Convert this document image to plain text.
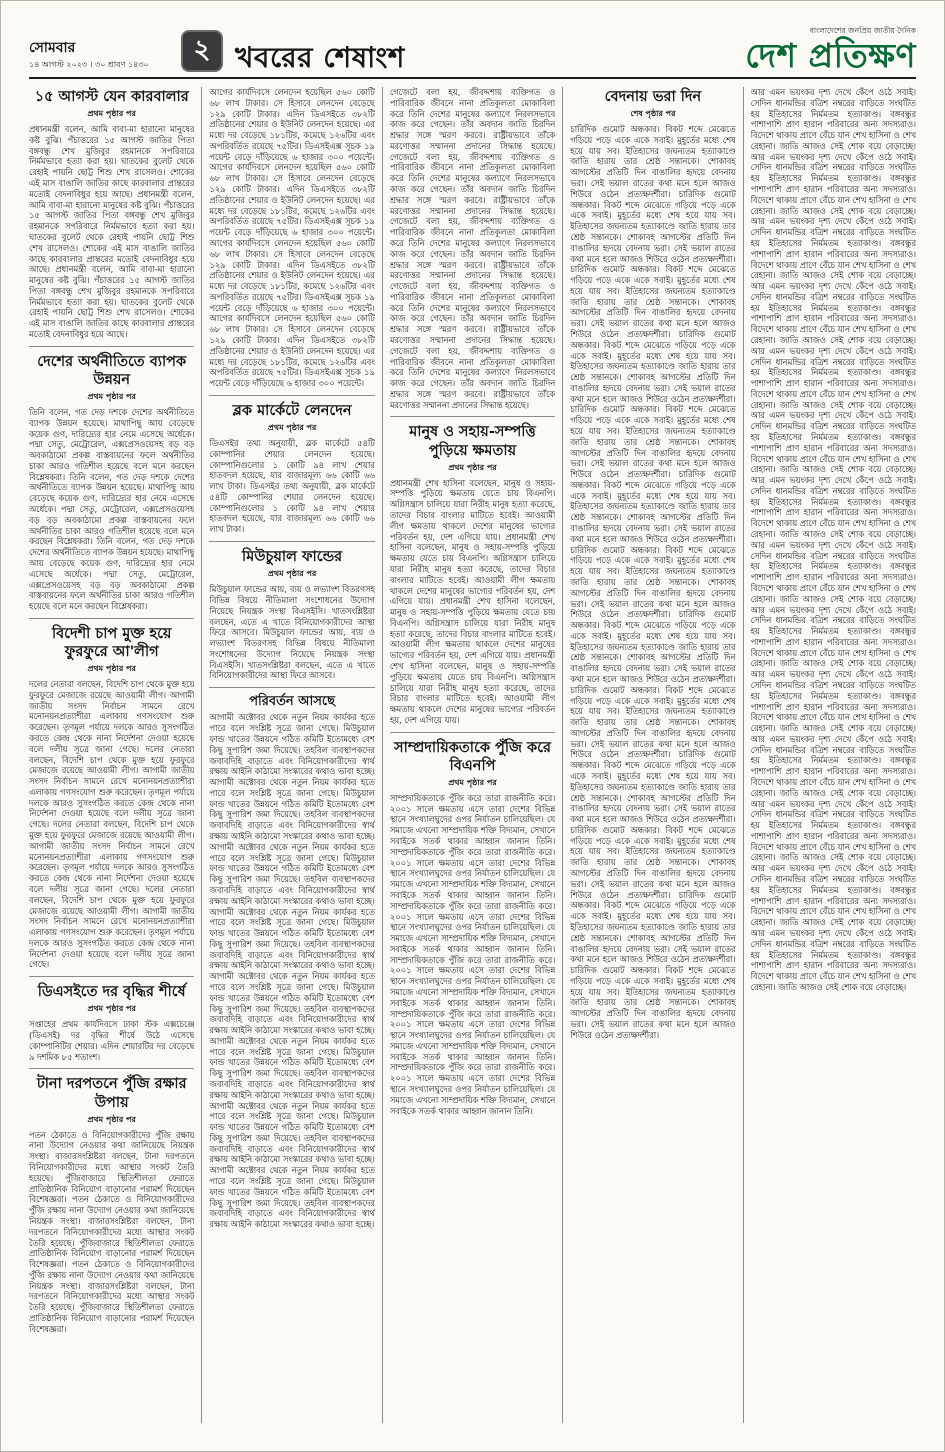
সোমবার
১৪ আগস্ট ২০২৩ । ৩০ শ্রাবণ ১৪৩০	২ খবরের শেষাংশ
বাংলাদেশের জনপ্রিয় জাতীয় দৈনিক
দেশ প্রতিক্ষণ
১৫ আগস্ট যেন কারবালার
প্রথম পৃষ্ঠার পর

প্রধানমন্ত্রী বলেন, আমি বাবা-মা হারানো মানুষের কষ্ট বুঝি। পঁচাত্তরের ১৫ আগস্ট জাতির পিতা বঙ্গবন্ধু শেখ মুজিবুর রহমানকে সপরিবারে নির্মমভাবে হত্যা করা হয়। ঘাতকের বুলেট থেকে রেহাই পায়নি ছোট্ট শিশু শেখ রাসেলও। শোকের এই মাস বাঙালি জাতির কাছে কারবালার প্রান্তরের মতোই বেদনাবিধুর হয়ে আছে। প্রধানমন্ত্রী বলেন, আমি বাবা-মা হারানো মানুষের কষ্ট বুঝি। পঁচাত্তরের ১৫ আগস্ট জাতির পিতা বঙ্গবন্ধু শেখ মুজিবুর রহমানকে সপরিবারে নির্মমভাবে হত্যা করা হয়। ঘাতকের বুলেট থেকে রেহাই পায়নি ছোট্ট শিশু শেখ রাসেলও। শোকের এই মাস বাঙালি জাতির কাছে কারবালার প্রান্তরের মতোই বেদনাবিধুর হয়ে আছে। প্রধানমন্ত্রী বলেন, আমি বাবা-মা হারানো মানুষের কষ্ট বুঝি। পঁচাত্তরের ১৫ আগস্ট জাতির পিতা বঙ্গবন্ধু শেখ মুজিবুর রহমানকে সপরিবারে নির্মমভাবে হত্যা করা হয়। ঘাতকের বুলেট থেকে রেহাই পায়নি ছোট্ট শিশু শেখ রাসেলও। শোকের এই মাস বাঙালি জাতির কাছে কারবালার প্রান্তরের মতোই বেদনাবিধুর হয়ে আছে।

দেশের অর্থনীতিতে ব্যাপক উন্নয়ন
প্রথম পৃষ্ঠার পর

তিনি বলেন, গত দেড় দশকে দেশের অর্থনীতিতে ব্যাপক উন্নয়ন হয়েছে। মাথাপিছু আয় বেড়েছে কয়েক গুণ, দারিদ্র্যের হার নেমে এসেছে অর্ধেকে। পদ্মা সেতু, মেট্রোরেল, এক্সপ্রেসওয়েসহ বড় বড় অবকাঠামো প্রকল্প বাস্তবায়নের ফলে অর্থনীতির চাকা আরও গতিশীল হয়েছে বলে মনে করছেন বিশ্লেষকরা। তিনি বলেন, গত দেড় দশকে দেশের অর্থনীতিতে ব্যাপক উন্নয়ন হয়েছে। মাথাপিছু আয় বেড়েছে কয়েক গুণ, দারিদ্র্যের হার নেমে এসেছে অর্ধেকে। পদ্মা সেতু, মেট্রোরেল, এক্সপ্রেসওয়েসহ বড় বড় অবকাঠামো প্রকল্প বাস্তবায়নের ফলে অর্থনীতির চাকা আরও গতিশীল হয়েছে বলে মনে করছেন বিশ্লেষকরা। তিনি বলেন, গত দেড় দশকে দেশের অর্থনীতিতে ব্যাপক উন্নয়ন হয়েছে। মাথাপিছু আয় বেড়েছে কয়েক গুণ, দারিদ্র্যের হার নেমে এসেছে অর্ধেকে। পদ্মা সেতু, মেট্রোরেল, এক্সপ্রেসওয়েসহ বড় বড় অবকাঠামো প্রকল্প বাস্তবায়নের ফলে অর্থনীতির চাকা আরও গতিশীল হয়েছে বলে মনে করছেন বিশ্লেষকরা।

বিদেশী চাপ মুক্ত হয়ে ফুরফুরে আ'লীগ
প্রথম পৃষ্ঠার পর

দলের নেতারা বলছেন, বিদেশি চাপ থেকে মুক্ত হয়ে ফুরফুরে মেজাজে রয়েছে আওয়ামী লীগ। আগামী জাতীয় সংসদ নির্বাচন সামনে রেখে মনোনয়নপ্রত্যাশীরা এলাকায় গণসংযোগ শুরু করেছেন। তৃণমূল পর্যায়ে দলকে আরও সুসংগঠিত করতে কেন্দ্র থেকে নানা নির্দেশনা দেওয়া হয়েছে বলে দলীয় সূত্রে জানা গেছে। দলের নেতারা বলছেন, বিদেশি চাপ থেকে মুক্ত হয়ে ফুরফুরে মেজাজে রয়েছে আওয়ামী লীগ। আগামী জাতীয় সংসদ নির্বাচন সামনে রেখে মনোনয়নপ্রত্যাশীরা এলাকায় গণসংযোগ শুরু করেছেন। তৃণমূল পর্যায়ে দলকে আরও সুসংগঠিত করতে কেন্দ্র থেকে নানা নির্দেশনা দেওয়া হয়েছে বলে দলীয় সূত্রে জানা গেছে। দলের নেতারা বলছেন, বিদেশি চাপ থেকে মুক্ত হয়ে ফুরফুরে মেজাজে রয়েছে আওয়ামী লীগ। আগামী জাতীয় সংসদ নির্বাচন সামনে রেখে মনোনয়নপ্রত্যাশীরা এলাকায় গণসংযোগ শুরু করেছেন। তৃণমূল পর্যায়ে দলকে আরও সুসংগঠিত করতে কেন্দ্র থেকে নানা নির্দেশনা দেওয়া হয়েছে বলে দলীয় সূত্রে জানা গেছে। দলের নেতারা বলছেন, বিদেশি চাপ থেকে মুক্ত হয়ে ফুরফুরে মেজাজে রয়েছে আওয়ামী লীগ। আগামী জাতীয় সংসদ নির্বাচন সামনে রেখে মনোনয়নপ্রত্যাশীরা এলাকায় গণসংযোগ শুরু করেছেন। তৃণমূল পর্যায়ে দলকে আরও সুসংগঠিত করতে কেন্দ্র থেকে নানা নির্দেশনা দেওয়া হয়েছে বলে দলীয় সূত্রে জানা গেছে।

ডিএসইতে দর বৃদ্ধির শীর্ষে
প্রথম পৃষ্ঠার পর

সপ্তাহের প্রথম কার্যদিবসে ঢাকা স্টক এক্সচেঞ্জে (ডিএসই) দর বৃদ্ধির শীর্ষে উঠে এসেছে কোম্পানিটির শেয়ার। এদিন শেয়ারটির দর বেড়েছে ৯ দশমিক ৮৫ শতাংশ।

টানা দরপতনে পুঁজি রক্ষার উপায়
প্রথম পৃষ্ঠার পর

পতন ঠেকাতে ও বিনিয়োগকারীদের পুঁজি রক্ষায় নানা উদ্যোগ নেওয়ার কথা জানিয়েছে নিয়ন্ত্রক সংস্থা। বাজারসংশ্লিষ্টরা বলছেন, টানা দরপতনে বিনিয়োগকারীদের মধ্যে আস্থার সংকট তৈরি হয়েছে। পুঁজিবাজারে স্থিতিশীলতা ফেরাতে প্রাতিষ্ঠানিক বিনিয়োগ বাড়ানোর পরামর্শ দিয়েছেন বিশেষজ্ঞরা। পতন ঠেকাতে ও বিনিয়োগকারীদের পুঁজি রক্ষায় নানা উদ্যোগ নেওয়ার কথা জানিয়েছে নিয়ন্ত্রক সংস্থা। বাজারসংশ্লিষ্টরা বলছেন, টানা দরপতনে বিনিয়োগকারীদের মধ্যে আস্থার সংকট তৈরি হয়েছে। পুঁজিবাজারে স্থিতিশীলতা ফেরাতে প্রাতিষ্ঠানিক বিনিয়োগ বাড়ানোর পরামর্শ দিয়েছেন বিশেষজ্ঞরা। পতন ঠেকাতে ও বিনিয়োগকারীদের পুঁজি রক্ষায় নানা উদ্যোগ নেওয়ার কথা জানিয়েছে নিয়ন্ত্রক সংস্থা। বাজারসংশ্লিষ্টরা বলছেন, টানা দরপতনে বিনিয়োগকারীদের মধ্যে আস্থার সংকট তৈরি হয়েছে। পুঁজিবাজারে স্থিতিশীলতা ফেরাতে প্রাতিষ্ঠানিক বিনিয়োগ বাড়ানোর পরামর্শ দিয়েছেন বিশেষজ্ঞরা।

আগের কার্যদিবসে লেনদেন হয়েছিল ৫৬০ কোটি ৬৮ লাখ টাকার। সে হিসাবে লেনদেন বেড়েছে ১২৯ কোটি টাকার। এদিন ডিএসইতে ৩৮২টি প্রতিষ্ঠানের শেয়ার ও ইউনিট লেনদেন হয়েছে। এর মধ্যে দর বেড়েছে ১৮১টির, কমেছে ১২৬টির এবং অপরিবর্তিত রয়েছে ৭৫টির। ডিএসইএক্স সূচক ১৯ পয়েন্ট বেড়ে দাঁড়িয়েছে ৬ হাজার ৩০০ পয়েন্টে। আগের কার্যদিবসে লেনদেন হয়েছিল ৫৬০ কোটি ৬৮ লাখ টাকার। সে হিসাবে লেনদেন বেড়েছে ১২৯ কোটি টাকার। এদিন ডিএসইতে ৩৮২টি প্রতিষ্ঠানের শেয়ার ও ইউনিট লেনদেন হয়েছে। এর মধ্যে দর বেড়েছে ১৮১টির, কমেছে ১২৬টির এবং অপরিবর্তিত রয়েছে ৭৫টির। ডিএসইএক্স সূচক ১৯ পয়েন্ট বেড়ে দাঁড়িয়েছে ৬ হাজার ৩০০ পয়েন্টে। আগের কার্যদিবসে লেনদেন হয়েছিল ৫৬০ কোটি ৬৮ লাখ টাকার। সে হিসাবে লেনদেন বেড়েছে ১২৯ কোটি টাকার। এদিন ডিএসইতে ৩৮২টি প্রতিষ্ঠানের শেয়ার ও ইউনিট লেনদেন হয়েছে। এর মধ্যে দর বেড়েছে ১৮১টির, কমেছে ১২৬টির এবং অপরিবর্তিত রয়েছে ৭৫টির। ডিএসইএক্স সূচক ১৯ পয়েন্ট বেড়ে দাঁড়িয়েছে ৬ হাজার ৩০০ পয়েন্টে। আগের কার্যদিবসে লেনদেন হয়েছিল ৫৬০ কোটি ৬৮ লাখ টাকার। সে হিসাবে লেনদেন বেড়েছে ১২৯ কোটি টাকার। এদিন ডিএসইতে ৩৮২টি প্রতিষ্ঠানের শেয়ার ও ইউনিট লেনদেন হয়েছে। এর মধ্যে দর বেড়েছে ১৮১টির, কমেছে ১২৬টির এবং অপরিবর্তিত রয়েছে ৭৫টির। ডিএসইএক্স সূচক ১৯ পয়েন্ট বেড়ে দাঁড়িয়েছে ৬ হাজার ৩০০ পয়েন্টে।

ব্লক মার্কেটে লেনদেন
প্রথম পৃষ্ঠার পর

ডিএসইর তথ্য অনুযায়ী, ব্লক মার্কেটে ৫৪টি কোম্পানির শেয়ার লেনদেন হয়েছে। কোম্পানিগুলোর ১ কোটি ৯৪ লাখ শেয়ার হাতবদল হয়েছে, যার বাজারমূল্য ৬৬ কোটি ৬৬ লাখ টাকা। ডিএসইর তথ্য অনুযায়ী, ব্লক মার্কেটে ৫৪টি কোম্পানির শেয়ার লেনদেন হয়েছে। কোম্পানিগুলোর ১ কোটি ৯৪ লাখ শেয়ার হাতবদল হয়েছে, যার বাজারমূল্য ৬৬ কোটি ৬৬ লাখ টাকা।

মিউচুয়াল ফান্ডের
প্রথম পৃষ্ঠার পর

মিউচুয়াল ফান্ডের আয়, ব্যয় ও লভ্যাংশ বিতরণসহ বিভিন্ন বিষয়ে নীতিমালা সংশোধনের উদ্যোগ নিয়েছে নিয়ন্ত্রক সংস্থা বিএসইসি। খাতসংশ্লিষ্টরা বলছেন, এতে এ খাতে বিনিয়োগকারীদের আস্থা ফিরে আসবে। মিউচুয়াল ফান্ডের আয়, ব্যয় ও লভ্যাংশ বিতরণসহ বিভিন্ন বিষয়ে নীতিমালা সংশোধনের উদ্যোগ নিয়েছে নিয়ন্ত্রক সংস্থা বিএসইসি। খাতসংশ্লিষ্টরা বলছেন, এতে এ খাতে বিনিয়োগকারীদের আস্থা ফিরে আসবে।

পরিবর্তন আসছে

আগামী অক্টোবর থেকে নতুন নিয়ম কার্যকর হতে পারে বলে সংশ্লিষ্ট সূত্রে জানা গেছে। মিউচুয়াল ফান্ড খাতের উন্নয়নে গঠিত কমিটি ইতোমধ্যে বেশ কিছু সুপারিশ জমা দিয়েছে। তহবিল ব্যবস্থাপকদের জবাবদিহি বাড়াতে এবং বিনিয়োগকারীদের স্বার্থ রক্ষায় আইনি কাঠামো সংস্কারের কথাও ভাবা হচ্ছে। আগামী অক্টোবর থেকে নতুন নিয়ম কার্যকর হতে পারে বলে সংশ্লিষ্ট সূত্রে জানা গেছে। মিউচুয়াল ফান্ড খাতের উন্নয়নে গঠিত কমিটি ইতোমধ্যে বেশ কিছু সুপারিশ জমা দিয়েছে। তহবিল ব্যবস্থাপকদের জবাবদিহি বাড়াতে এবং বিনিয়োগকারীদের স্বার্থ রক্ষায় আইনি কাঠামো সংস্কারের কথাও ভাবা হচ্ছে। আগামী অক্টোবর থেকে নতুন নিয়ম কার্যকর হতে পারে বলে সংশ্লিষ্ট সূত্রে জানা গেছে। মিউচুয়াল ফান্ড খাতের উন্নয়নে গঠিত কমিটি ইতোমধ্যে বেশ কিছু সুপারিশ জমা দিয়েছে। তহবিল ব্যবস্থাপকদের জবাবদিহি বাড়াতে এবং বিনিয়োগকারীদের স্বার্থ রক্ষায় আইনি কাঠামো সংস্কারের কথাও ভাবা হচ্ছে। আগামী অক্টোবর থেকে নতুন নিয়ম কার্যকর হতে পারে বলে সংশ্লিষ্ট সূত্রে জানা গেছে। মিউচুয়াল ফান্ড খাতের উন্নয়নে গঠিত কমিটি ইতোমধ্যে বেশ কিছু সুপারিশ জমা দিয়েছে। তহবিল ব্যবস্থাপকদের জবাবদিহি বাড়াতে এবং বিনিয়োগকারীদের স্বার্থ রক্ষায় আইনি কাঠামো সংস্কারের কথাও ভাবা হচ্ছে। আগামী অক্টোবর থেকে নতুন নিয়ম কার্যকর হতে পারে বলে সংশ্লিষ্ট সূত্রে জানা গেছে। মিউচুয়াল ফান্ড খাতের উন্নয়নে গঠিত কমিটি ইতোমধ্যে বেশ কিছু সুপারিশ জমা দিয়েছে। তহবিল ব্যবস্থাপকদের জবাবদিহি বাড়াতে এবং বিনিয়োগকারীদের স্বার্থ রক্ষায় আইনি কাঠামো সংস্কারের কথাও ভাবা হচ্ছে। আগামী অক্টোবর থেকে নতুন নিয়ম কার্যকর হতে পারে বলে সংশ্লিষ্ট সূত্রে জানা গেছে। মিউচুয়াল ফান্ড খাতের উন্নয়নে গঠিত কমিটি ইতোমধ্যে বেশ কিছু সুপারিশ জমা দিয়েছে। তহবিল ব্যবস্থাপকদের জবাবদিহি বাড়াতে এবং বিনিয়োগকারীদের স্বার্থ রক্ষায় আইনি কাঠামো সংস্কারের কথাও ভাবা হচ্ছে। আগামী অক্টোবর থেকে নতুন নিয়ম কার্যকর হতে পারে বলে সংশ্লিষ্ট সূত্রে জানা গেছে। মিউচুয়াল ফান্ড খাতের উন্নয়নে গঠিত কমিটি ইতোমধ্যে বেশ কিছু সুপারিশ জমা দিয়েছে। তহবিল ব্যবস্থাপকদের জবাবদিহি বাড়াতে এবং বিনিয়োগকারীদের স্বার্থ রক্ষায় আইনি কাঠামো সংস্কারের কথাও ভাবা হচ্ছে। আগামী অক্টোবর থেকে নতুন নিয়ম কার্যকর হতে পারে বলে সংশ্লিষ্ট সূত্রে জানা গেছে। মিউচুয়াল ফান্ড খাতের উন্নয়নে গঠিত কমিটি ইতোমধ্যে বেশ কিছু সুপারিশ জমা দিয়েছে। তহবিল ব্যবস্থাপকদের জবাবদিহি বাড়াতে এবং বিনিয়োগকারীদের স্বার্থ রক্ষায় আইনি কাঠামো সংস্কারের কথাও ভাবা হচ্ছে।

গেজেটে বলা হয়, জীবদ্দশায় ব্যক্তিগত ও পারিবারিক জীবনে নানা প্রতিকূলতা মোকাবিলা করে তিনি দেশের মানুষের কল্যাণে নিরলসভাবে কাজ করে গেছেন। তাঁর অবদান জাতি চিরদিন শ্রদ্ধার সঙ্গে স্মরণ করবে। রাষ্ট্রীয়ভাবে তাঁকে মরণোত্তর সম্মাননা প্রদানের সিদ্ধান্ত হয়েছে। গেজেটে বলা হয়, জীবদ্দশায় ব্যক্তিগত ও পারিবারিক জীবনে নানা প্রতিকূলতা মোকাবিলা করে তিনি দেশের মানুষের কল্যাণে নিরলসভাবে কাজ করে গেছেন। তাঁর অবদান জাতি চিরদিন শ্রদ্ধার সঙ্গে স্মরণ করবে। রাষ্ট্রীয়ভাবে তাঁকে মরণোত্তর সম্মাননা প্রদানের সিদ্ধান্ত হয়েছে। গেজেটে বলা হয়, জীবদ্দশায় ব্যক্তিগত ও পারিবারিক জীবনে নানা প্রতিকূলতা মোকাবিলা করে তিনি দেশের মানুষের কল্যাণে নিরলসভাবে কাজ করে গেছেন। তাঁর অবদান জাতি চিরদিন শ্রদ্ধার সঙ্গে স্মরণ করবে। রাষ্ট্রীয়ভাবে তাঁকে মরণোত্তর সম্মাননা প্রদানের সিদ্ধান্ত হয়েছে। গেজেটে বলা হয়, জীবদ্দশায় ব্যক্তিগত ও পারিবারিক জীবনে নানা প্রতিকূলতা মোকাবিলা করে তিনি দেশের মানুষের কল্যাণে নিরলসভাবে কাজ করে গেছেন। তাঁর অবদান জাতি চিরদিন শ্রদ্ধার সঙ্গে স্মরণ করবে। রাষ্ট্রীয়ভাবে তাঁকে মরণোত্তর সম্মাননা প্রদানের সিদ্ধান্ত হয়েছে। গেজেটে বলা হয়, জীবদ্দশায় ব্যক্তিগত ও পারিবারিক জীবনে নানা প্রতিকূলতা মোকাবিলা করে তিনি দেশের মানুষের কল্যাণে নিরলসভাবে কাজ করে গেছেন। তাঁর অবদান জাতি চিরদিন শ্রদ্ধার সঙ্গে স্মরণ করবে। রাষ্ট্রীয়ভাবে তাঁকে মরণোত্তর সম্মাননা প্রদানের সিদ্ধান্ত হয়েছে।

মানুষ ও সহায়-সম্পত্তি পুড়িয়ে ক্ষমতায়
প্রথম পৃষ্ঠার পর

প্রধানমন্ত্রী শেখ হাসিনা বলেছেন, মানুষ ও সহায়-সম্পত্তি পুড়িয়ে ক্ষমতায় যেতে চায় বিএনপি। অগ্নিসন্ত্রাস চালিয়ে যারা নিরীহ মানুষ হত্যা করেছে, তাদের বিচার বাংলার মাটিতে হবেই। আওয়ামী লীগ ক্ষমতায় থাকলে দেশের মানুষের ভাগ্যের পরিবর্তন হয়, দেশ এগিয়ে যায়। প্রধানমন্ত্রী শেখ হাসিনা বলেছেন, মানুষ ও সহায়-সম্পত্তি পুড়িয়ে ক্ষমতায় যেতে চায় বিএনপি। অগ্নিসন্ত্রাস চালিয়ে যারা নিরীহ মানুষ হত্যা করেছে, তাদের বিচার বাংলার মাটিতে হবেই। আওয়ামী লীগ ক্ষমতায় থাকলে দেশের মানুষের ভাগ্যের পরিবর্তন হয়, দেশ এগিয়ে যায়। প্রধানমন্ত্রী শেখ হাসিনা বলেছেন, মানুষ ও সহায়-সম্পত্তি পুড়িয়ে ক্ষমতায় যেতে চায় বিএনপি। অগ্নিসন্ত্রাস চালিয়ে যারা নিরীহ মানুষ হত্যা করেছে, তাদের বিচার বাংলার মাটিতে হবেই। আওয়ামী লীগ ক্ষমতায় থাকলে দেশের মানুষের ভাগ্যের পরিবর্তন হয়, দেশ এগিয়ে যায়। প্রধানমন্ত্রী শেখ হাসিনা বলেছেন, মানুষ ও সহায়-সম্পত্তি পুড়িয়ে ক্ষমতায় যেতে চায় বিএনপি। অগ্নিসন্ত্রাস চালিয়ে যারা নিরীহ মানুষ হত্যা করেছে, তাদের বিচার বাংলার মাটিতে হবেই। আওয়ামী লীগ ক্ষমতায় থাকলে দেশের মানুষের ভাগ্যের পরিবর্তন হয়, দেশ এগিয়ে যায়।

সাম্প্রদায়িকতাকে পুঁজি করে বিএনপি
প্রথম পৃষ্ঠার পর

সাম্প্রদায়িকতাকে পুঁজি করে তারা রাজনীতি করে। ২০০১ সালে ক্ষমতায় এসে তারা দেশের বিভিন্ন স্থানে সংখ্যালঘুদের ওপর নির্যাতন চালিয়েছিল। যে সমাজে এখনো সাম্প্রদায়িক শক্তি বিদ্যমান, সেখানে সবাইকে সতর্ক থাকার আহ্বান জানান তিনি। সাম্প্রদায়িকতাকে পুঁজি করে তারা রাজনীতি করে। ২০০১ সালে ক্ষমতায় এসে তারা দেশের বিভিন্ন স্থানে সংখ্যালঘুদের ওপর নির্যাতন চালিয়েছিল। যে সমাজে এখনো সাম্প্রদায়িক শক্তি বিদ্যমান, সেখানে সবাইকে সতর্ক থাকার আহ্বান জানান তিনি। সাম্প্রদায়িকতাকে পুঁজি করে তারা রাজনীতি করে। ২০০১ সালে ক্ষমতায় এসে তারা দেশের বিভিন্ন স্থানে সংখ্যালঘুদের ওপর নির্যাতন চালিয়েছিল। যে সমাজে এখনো সাম্প্রদায়িক শক্তি বিদ্যমান, সেখানে সবাইকে সতর্ক থাকার আহ্বান জানান তিনি। সাম্প্রদায়িকতাকে পুঁজি করে তারা রাজনীতি করে। ২০০১ সালে ক্ষমতায় এসে তারা দেশের বিভিন্ন স্থানে সংখ্যালঘুদের ওপর নির্যাতন চালিয়েছিল। যে সমাজে এখনো সাম্প্রদায়িক শক্তি বিদ্যমান, সেখানে সবাইকে সতর্ক থাকার আহ্বান জানান তিনি। সাম্প্রদায়িকতাকে পুঁজি করে তারা রাজনীতি করে। ২০০১ সালে ক্ষমতায় এসে তারা দেশের বিভিন্ন স্থানে সংখ্যালঘুদের ওপর নির্যাতন চালিয়েছিল। যে সমাজে এখনো সাম্প্রদায়িক শক্তি বিদ্যমান, সেখানে সবাইকে সতর্ক থাকার আহ্বান জানান তিনি। সাম্প্রদায়িকতাকে পুঁজি করে তারা রাজনীতি করে। ২০০১ সালে ক্ষমতায় এসে তারা দেশের বিভিন্ন স্থানে সংখ্যালঘুদের ওপর নির্যাতন চালিয়েছিল। যে সমাজে এখনো সাম্প্রদায়িক শক্তি বিদ্যমান, সেখানে সবাইকে সতর্ক থাকার আহ্বান জানান তিনি।

বেদনায় ভরা দিন
শেষ পৃষ্ঠার পর

চারিদিক গুমোট অন্ধকার। বিকট শব্দে মেঝেতে গড়িয়ে পড়ে একে একে সবাই। মুহূর্তের মধ্যে শেষ হয়ে যায় সব। ইতিহাসের জঘন্যতম হত্যাকাণ্ডে জাতি হারায় তার শ্রেষ্ঠ সন্তানকে। শোকাবহ আগস্টের প্রতিটি দিন বাঙালির হৃদয়ে বেদনায় ভরা। সেই ভয়াল রাতের কথা মনে হলে আজও শিউরে ওঠেন প্রত্যক্ষদর্শীরা। চারিদিক গুমোট অন্ধকার। বিকট শব্দে মেঝেতে গড়িয়ে পড়ে একে একে সবাই। মুহূর্তের মধ্যে শেষ হয়ে যায় সব। ইতিহাসের জঘন্যতম হত্যাকাণ্ডে জাতি হারায় তার শ্রেষ্ঠ সন্তানকে। শোকাবহ আগস্টের প্রতিটি দিন বাঙালির হৃদয়ে বেদনায় ভরা। সেই ভয়াল রাতের কথা মনে হলে আজও শিউরে ওঠেন প্রত্যক্ষদর্শীরা। চারিদিক গুমোট অন্ধকার। বিকট শব্দে মেঝেতে গড়িয়ে পড়ে একে একে সবাই। মুহূর্তের মধ্যে শেষ হয়ে যায় সব। ইতিহাসের জঘন্যতম হত্যাকাণ্ডে জাতি হারায় তার শ্রেষ্ঠ সন্তানকে। শোকাবহ আগস্টের প্রতিটি দিন বাঙালির হৃদয়ে বেদনায় ভরা। সেই ভয়াল রাতের কথা মনে হলে আজও শিউরে ওঠেন প্রত্যক্ষদর্শীরা। চারিদিক গুমোট অন্ধকার। বিকট শব্দে মেঝেতে গড়িয়ে পড়ে একে একে সবাই। মুহূর্তের মধ্যে শেষ হয়ে যায় সব। ইতিহাসের জঘন্যতম হত্যাকাণ্ডে জাতি হারায় তার শ্রেষ্ঠ সন্তানকে। শোকাবহ আগস্টের প্রতিটি দিন বাঙালির হৃদয়ে বেদনায় ভরা। সেই ভয়াল রাতের কথা মনে হলে আজও শিউরে ওঠেন প্রত্যক্ষদর্শীরা। চারিদিক গুমোট অন্ধকার। বিকট শব্দে মেঝেতে গড়িয়ে পড়ে একে একে সবাই। মুহূর্তের মধ্যে শেষ হয়ে যায় সব। ইতিহাসের জঘন্যতম হত্যাকাণ্ডে জাতি হারায় তার শ্রেষ্ঠ সন্তানকে। শোকাবহ আগস্টের প্রতিটি দিন বাঙালির হৃদয়ে বেদনায় ভরা। সেই ভয়াল রাতের কথা মনে হলে আজও শিউরে ওঠেন প্রত্যক্ষদর্শীরা। চারিদিক গুমোট অন্ধকার। বিকট শব্দে মেঝেতে গড়িয়ে পড়ে একে একে সবাই। মুহূর্তের মধ্যে শেষ হয়ে যায় সব। ইতিহাসের জঘন্যতম হত্যাকাণ্ডে জাতি হারায় তার শ্রেষ্ঠ সন্তানকে। শোকাবহ আগস্টের প্রতিটি দিন বাঙালির হৃদয়ে বেদনায় ভরা। সেই ভয়াল রাতের কথা মনে হলে আজও শিউরে ওঠেন প্রত্যক্ষদর্শীরা। চারিদিক গুমোট অন্ধকার। বিকট শব্দে মেঝেতে গড়িয়ে পড়ে একে একে সবাই। মুহূর্তের মধ্যে শেষ হয়ে যায় সব। ইতিহাসের জঘন্যতম হত্যাকাণ্ডে জাতি হারায় তার শ্রেষ্ঠ সন্তানকে। শোকাবহ আগস্টের প্রতিটি দিন বাঙালির হৃদয়ে বেদনায় ভরা। সেই ভয়াল রাতের কথা মনে হলে আজও শিউরে ওঠেন প্রত্যক্ষদর্শীরা। চারিদিক গুমোট অন্ধকার। বিকট শব্দে মেঝেতে গড়িয়ে পড়ে একে একে সবাই। মুহূর্তের মধ্যে শেষ হয়ে যায় সব। ইতিহাসের জঘন্যতম হত্যাকাণ্ডে জাতি হারায় তার শ্রেষ্ঠ সন্তানকে। শোকাবহ আগস্টের প্রতিটি দিন বাঙালির হৃদয়ে বেদনায় ভরা। সেই ভয়াল রাতের কথা মনে হলে আজও শিউরে ওঠেন প্রত্যক্ষদর্শীরা। চারিদিক গুমোট অন্ধকার। বিকট শব্দে মেঝেতে গড়িয়ে পড়ে একে একে সবাই। মুহূর্তের মধ্যে শেষ হয়ে যায় সব। ইতিহাসের জঘন্যতম হত্যাকাণ্ডে জাতি হারায় তার শ্রেষ্ঠ সন্তানকে। শোকাবহ আগস্টের প্রতিটি দিন বাঙালির হৃদয়ে বেদনায় ভরা। সেই ভয়াল রাতের কথা মনে হলে আজও শিউরে ওঠেন প্রত্যক্ষদর্শীরা। চারিদিক গুমোট অন্ধকার। বিকট শব্দে মেঝেতে গড়িয়ে পড়ে একে একে সবাই। মুহূর্তের মধ্যে শেষ হয়ে যায় সব। ইতিহাসের জঘন্যতম হত্যাকাণ্ডে জাতি হারায় তার শ্রেষ্ঠ সন্তানকে। শোকাবহ আগস্টের প্রতিটি দিন বাঙালির হৃদয়ে বেদনায় ভরা। সেই ভয়াল রাতের কথা মনে হলে আজও শিউরে ওঠেন প্রত্যক্ষদর্শীরা। চারিদিক গুমোট অন্ধকার। বিকট শব্দে মেঝেতে গড়িয়ে পড়ে একে একে সবাই। মুহূর্তের মধ্যে শেষ হয়ে যায় সব। ইতিহাসের জঘন্যতম হত্যাকাণ্ডে জাতি হারায় তার শ্রেষ্ঠ সন্তানকে। শোকাবহ আগস্টের প্রতিটি দিন বাঙালির হৃদয়ে বেদনায় ভরা। সেই ভয়াল রাতের কথা মনে হলে আজও শিউরে ওঠেন প্রত্যক্ষদর্শীরা। চারিদিক গুমোট অন্ধকার। বিকট শব্দে মেঝেতে গড়িয়ে পড়ে একে একে সবাই। মুহূর্তের মধ্যে শেষ হয়ে যায় সব। ইতিহাসের জঘন্যতম হত্যাকাণ্ডে জাতি হারায় তার শ্রেষ্ঠ সন্তানকে। শোকাবহ আগস্টের প্রতিটি দিন বাঙালির হৃদয়ে বেদনায় ভরা। সেই ভয়াল রাতের কথা মনে হলে আজও শিউরে ওঠেন প্রত্যক্ষদর্শীরা। চারিদিক গুমোট অন্ধকার। বিকট শব্দে মেঝেতে গড়িয়ে পড়ে একে একে সবাই। মুহূর্তের মধ্যে শেষ হয়ে যায় সব। ইতিহাসের জঘন্যতম হত্যাকাণ্ডে জাতি হারায় তার শ্রেষ্ঠ সন্তানকে। শোকাবহ আগস্টের প্রতিটি দিন বাঙালির হৃদয়ে বেদনায় ভরা। সেই ভয়াল রাতের কথা মনে হলে আজও শিউরে ওঠেন প্রত্যক্ষদর্শীরা।

আর এমন ভয়ংকর দৃশ্য দেখে কেঁপে ওঠে সবাই। সেদিন ধানমন্ডির বত্রিশ নম্বরের বাড়িতে সংঘটিত হয় ইতিহাসের নির্মমতম হত্যাকাণ্ড। বঙ্গবন্ধুর পাশাপাশি প্রাণ হারান পরিবারের অন্য সদস্যরাও। বিদেশে থাকায় প্রাণে বেঁচে যান শেখ হাসিনা ও শেখ রেহানা। জাতি আজও সেই শোক বয়ে বেড়াচ্ছে। আর এমন ভয়ংকর দৃশ্য দেখে কেঁপে ওঠে সবাই। সেদিন ধানমন্ডির বত্রিশ নম্বরের বাড়িতে সংঘটিত হয় ইতিহাসের নির্মমতম হত্যাকাণ্ড। বঙ্গবন্ধুর পাশাপাশি প্রাণ হারান পরিবারের অন্য সদস্যরাও। বিদেশে থাকায় প্রাণে বেঁচে যান শেখ হাসিনা ও শেখ রেহানা। জাতি আজও সেই শোক বয়ে বেড়াচ্ছে। আর এমন ভয়ংকর দৃশ্য দেখে কেঁপে ওঠে সবাই। সেদিন ধানমন্ডির বত্রিশ নম্বরের বাড়িতে সংঘটিত হয় ইতিহাসের নির্মমতম হত্যাকাণ্ড। বঙ্গবন্ধুর পাশাপাশি প্রাণ হারান পরিবারের অন্য সদস্যরাও। বিদেশে থাকায় প্রাণে বেঁচে যান শেখ হাসিনা ও শেখ রেহানা। জাতি আজও সেই শোক বয়ে বেড়াচ্ছে। আর এমন ভয়ংকর দৃশ্য দেখে কেঁপে ওঠে সবাই। সেদিন ধানমন্ডির বত্রিশ নম্বরের বাড়িতে সংঘটিত হয় ইতিহাসের নির্মমতম হত্যাকাণ্ড। বঙ্গবন্ধুর পাশাপাশি প্রাণ হারান পরিবারের অন্য সদস্যরাও। বিদেশে থাকায় প্রাণে বেঁচে যান শেখ হাসিনা ও শেখ রেহানা। জাতি আজও সেই শোক বয়ে বেড়াচ্ছে। আর এমন ভয়ংকর দৃশ্য দেখে কেঁপে ওঠে সবাই। সেদিন ধানমন্ডির বত্রিশ নম্বরের বাড়িতে সংঘটিত হয় ইতিহাসের নির্মমতম হত্যাকাণ্ড। বঙ্গবন্ধুর পাশাপাশি প্রাণ হারান পরিবারের অন্য সদস্যরাও। বিদেশে থাকায় প্রাণে বেঁচে যান শেখ হাসিনা ও শেখ রেহানা। জাতি আজও সেই শোক বয়ে বেড়াচ্ছে। আর এমন ভয়ংকর দৃশ্য দেখে কেঁপে ওঠে সবাই। সেদিন ধানমন্ডির বত্রিশ নম্বরের বাড়িতে সংঘটিত হয় ইতিহাসের নির্মমতম হত্যাকাণ্ড। বঙ্গবন্ধুর পাশাপাশি প্রাণ হারান পরিবারের অন্য সদস্যরাও। বিদেশে থাকায় প্রাণে বেঁচে যান শেখ হাসিনা ও শেখ রেহানা। জাতি আজও সেই শোক বয়ে বেড়াচ্ছে। আর এমন ভয়ংকর দৃশ্য দেখে কেঁপে ওঠে সবাই। সেদিন ধানমন্ডির বত্রিশ নম্বরের বাড়িতে সংঘটিত হয় ইতিহাসের নির্মমতম হত্যাকাণ্ড। বঙ্গবন্ধুর পাশাপাশি প্রাণ হারান পরিবারের অন্য সদস্যরাও। বিদেশে থাকায় প্রাণে বেঁচে যান শেখ হাসিনা ও শেখ রেহানা। জাতি আজও সেই শোক বয়ে বেড়াচ্ছে। আর এমন ভয়ংকর দৃশ্য দেখে কেঁপে ওঠে সবাই। সেদিন ধানমন্ডির বত্রিশ নম্বরের বাড়িতে সংঘটিত হয় ইতিহাসের নির্মমতম হত্যাকাণ্ড। বঙ্গবন্ধুর পাশাপাশি প্রাণ হারান পরিবারের অন্য সদস্যরাও। বিদেশে থাকায় প্রাণে বেঁচে যান শেখ হাসিনা ও শেখ রেহানা। জাতি আজও সেই শোক বয়ে বেড়াচ্ছে। আর এমন ভয়ংকর দৃশ্য দেখে কেঁপে ওঠে সবাই। সেদিন ধানমন্ডির বত্রিশ নম্বরের বাড়িতে সংঘটিত হয় ইতিহাসের নির্মমতম হত্যাকাণ্ড। বঙ্গবন্ধুর পাশাপাশি প্রাণ হারান পরিবারের অন্য সদস্যরাও। বিদেশে থাকায় প্রাণে বেঁচে যান শেখ হাসিনা ও শেখ রেহানা। জাতি আজও সেই শোক বয়ে বেড়াচ্ছে। আর এমন ভয়ংকর দৃশ্য দেখে কেঁপে ওঠে সবাই। সেদিন ধানমন্ডির বত্রিশ নম্বরের বাড়িতে সংঘটিত হয় ইতিহাসের নির্মমতম হত্যাকাণ্ড। বঙ্গবন্ধুর পাশাপাশি প্রাণ হারান পরিবারের অন্য সদস্যরাও। বিদেশে থাকায় প্রাণে বেঁচে যান শেখ হাসিনা ও শেখ রেহানা। জাতি আজও সেই শোক বয়ে বেড়াচ্ছে। আর এমন ভয়ংকর দৃশ্য দেখে কেঁপে ওঠে সবাই। সেদিন ধানমন্ডির বত্রিশ নম্বরের বাড়িতে সংঘটিত হয় ইতিহাসের নির্মমতম হত্যাকাণ্ড। বঙ্গবন্ধুর পাশাপাশি প্রাণ হারান পরিবারের অন্য সদস্যরাও। বিদেশে থাকায় প্রাণে বেঁচে যান শেখ হাসিনা ও শেখ রেহানা। জাতি আজও সেই শোক বয়ে বেড়াচ্ছে। আর এমন ভয়ংকর দৃশ্য দেখে কেঁপে ওঠে সবাই। সেদিন ধানমন্ডির বত্রিশ নম্বরের বাড়িতে সংঘটিত হয় ইতিহাসের নির্মমতম হত্যাকাণ্ড। বঙ্গবন্ধুর পাশাপাশি প্রাণ হারান পরিবারের অন্য সদস্যরাও। বিদেশে থাকায় প্রাণে বেঁচে যান শেখ হাসিনা ও শেখ রেহানা। জাতি আজও সেই শোক বয়ে বেড়াচ্ছে। আর এমন ভয়ংকর দৃশ্য দেখে কেঁপে ওঠে সবাই। সেদিন ধানমন্ডির বত্রিশ নম্বরের বাড়িতে সংঘটিত হয় ইতিহাসের নির্মমতম হত্যাকাণ্ড। বঙ্গবন্ধুর পাশাপাশি প্রাণ হারান পরিবারের অন্য সদস্যরাও। বিদেশে থাকায় প্রাণে বেঁচে যান শেখ হাসিনা ও শেখ রেহানা। জাতি আজও সেই শোক বয়ে বেড়াচ্ছে। আর এমন ভয়ংকর দৃশ্য দেখে কেঁপে ওঠে সবাই। সেদিন ধানমন্ডির বত্রিশ নম্বরের বাড়িতে সংঘটিত হয় ইতিহাসের নির্মমতম হত্যাকাণ্ড। বঙ্গবন্ধুর পাশাপাশি প্রাণ হারান পরিবারের অন্য সদস্যরাও। বিদেশে থাকায় প্রাণে বেঁচে যান শেখ হাসিনা ও শেখ রেহানা। জাতি আজও সেই শোক বয়ে বেড়াচ্ছে।
